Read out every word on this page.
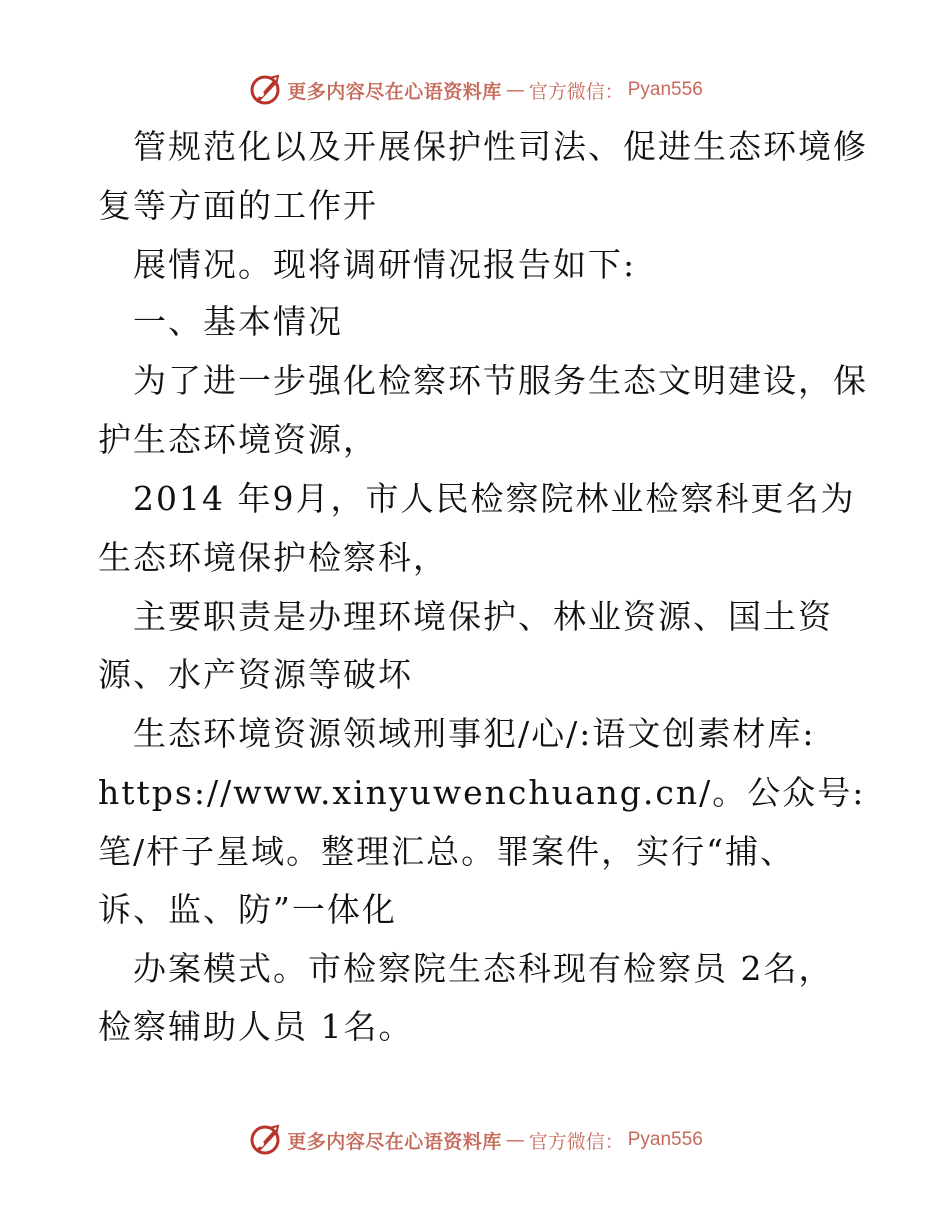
更多内容尽在心语资料库 — 官方微信： Pyan556
管规范化以及开展保护性司法、促进生态环境修
复等方面的工作开
展情况。现将调研情况报告如下:
一、基本情况
为了进一步强化检察环节服务生态文明建设，保
护生态环境资源，
2014 年9月，市人民检察院林业检察科更名为
生态环境保护检察科，
主要职责是办理环境保护、林业资源、国土资
源、水产资源等破坏
生态环境资源领域刑事犯/心/:语文创素材库:
https://www.xinyuwenchuang.cn/。公众号:
笔/杆子星域。整理汇总。罪案件，实行“捕、
诉、监、防”一体化
办案模式。市检察院生态科现有检察员 2名，
检察辅助人员 1名。
更多内容尽在心语资料库 — 官方微信： Pyan556
